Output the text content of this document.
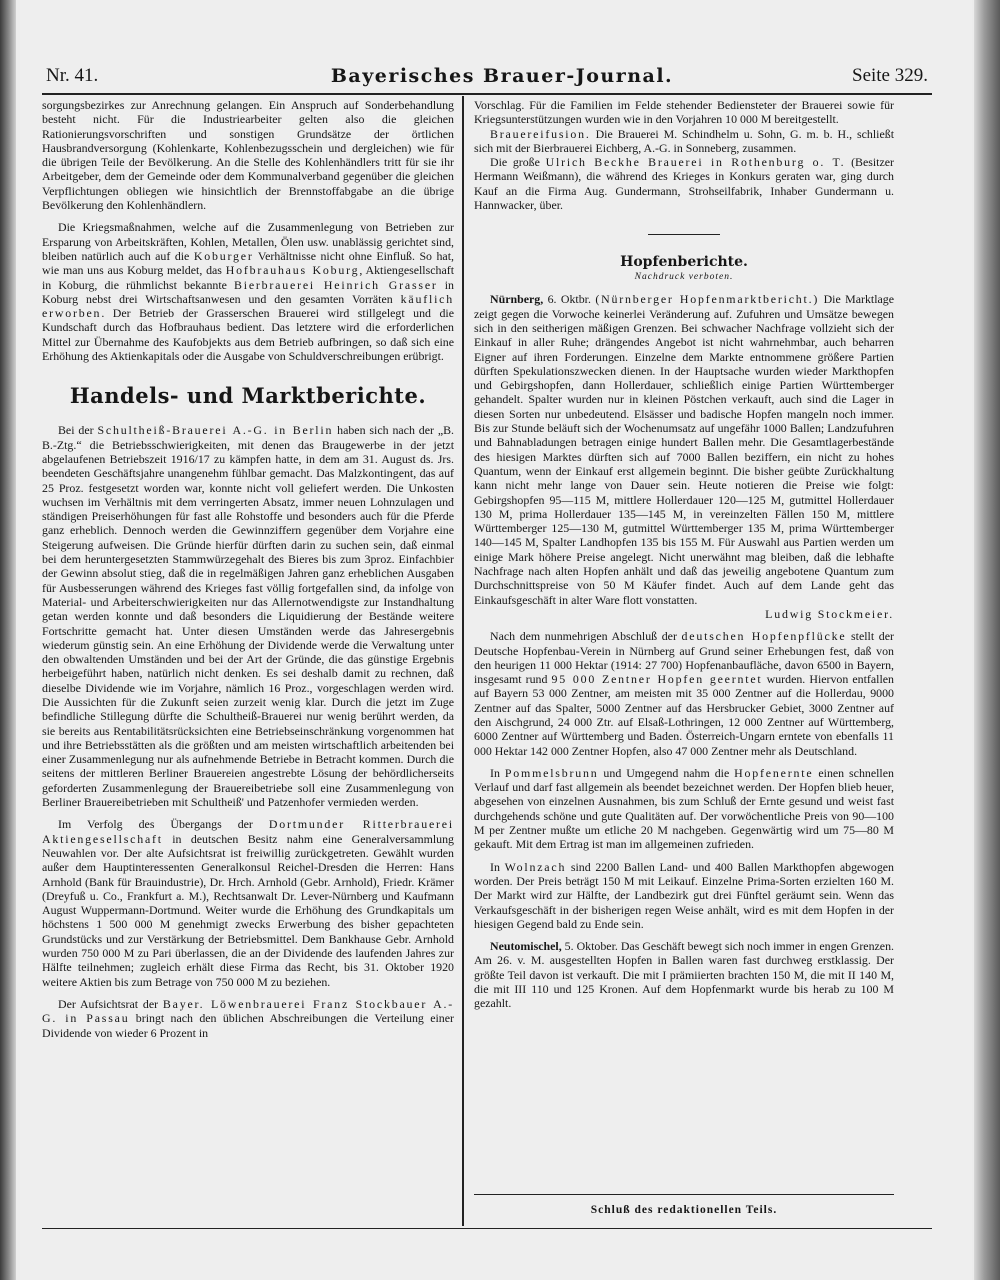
Nr. 41.	Bayerisches Brauer-Journal.	Seite 329.

sorgungsbezirkes zur Anrechnung gelangen. Ein Anspruch auf Sonderbehandlung besteht nicht. Für die Industriearbeiter gelten also die gleichen Rationierungsvorschriften und sonstigen Grundsätze der örtlichen Hausbrandversorgung (Kohlenkarte, Kohlenbezugsschein und dergleichen) wie für die übrigen Teile der Bevölkerung. An die Stelle des Kohlenhändlers tritt für sie ihr Arbeitgeber, dem der Gemeinde oder dem Kommunalverband gegenüber die gleichen Verpflichtungen obliegen wie hinsichtlich der Brennstoffabgabe an die übrige Bevölkerung den Kohlenhändlern.

Die Kriegsmaßnahmen, welche auf die Zusammenlegung von Betrieben zur Ersparung von Arbeitskräften, Kohlen, Metallen, Ölen usw. unablässig gerichtet sind, bleiben natürlich auch auf die Koburger Verhältnisse nicht ohne Einfluß. So hat, wie man uns aus Koburg meldet, das Hofbrauhaus Koburg, Aktiengesellschaft in Koburg, die rühmlichst bekannte Bierbrauerei Heinrich Grasser in Koburg nebst drei Wirtschaftsanwesen und den gesamten Vorräten käuflich erworben. Der Betrieb der Grasserschen Brauerei wird stillgelegt und die Kundschaft durch das Hofbrauhaus bedient. Das letztere wird die erforderlichen Mittel zur Übernahme des Kaufobjekts aus dem Betrieb aufbringen, so daß sich eine Erhöhung des Aktienkapitals oder die Ausgabe von Schuldverschreibungen erübrigt.

Handels- und Marktberichte.

Bei der Schultheiß-Brauerei A.-G. in Berlin haben sich nach der „B. B.-Ztg.“ die Betriebsschwierigkeiten, mit denen das Braugewerbe in der jetzt abgelaufenen Betriebszeit 1916/17 zu kämpfen hatte, in dem am 31. August ds. Jrs. beendeten Geschäftsjahre unangenehm fühlbar gemacht. Das Malzkontingent, das auf 25 Proz. festgesetzt worden war, konnte nicht voll geliefert werden. Die Unkosten wuchsen im Verhältnis mit dem verringerten Absatz, immer neuen Lohnzulagen und ständigen Preiserhöhungen für fast alle Rohstoffe und besonders auch für die Pferde ganz erheblich. Dennoch werden die Gewinnziffern gegenüber dem Vorjahre eine Steigerung aufweisen. Die Gründe hierfür dürften darin zu suchen sein, daß einmal bei dem heruntergesetzten Stammwürzegehalt des Bieres bis zum 3proz. Einfachbier der Gewinn absolut stieg, daß die in regelmäßigen Jahren ganz erheblichen Ausgaben für Ausbesserungen während des Krieges fast völlig fortgefallen sind, da infolge von Material- und Arbeiterschwierigkeiten nur das Allernotwendigste zur Instandhaltung getan werden konnte und daß besonders die Liquidierung der Bestände weitere Fortschritte gemacht hat. Unter diesen Umständen werde das Jahresergebnis wiederum günstig sein. An eine Erhöhung der Dividende werde die Verwaltung unter den obwaltenden Umständen und bei der Art der Gründe, die das günstige Ergebnis herbeigeführt haben, natürlich nicht denken. Es sei deshalb damit zu rechnen, daß dieselbe Dividende wie im Vorjahre, nämlich 16 Proz., vorgeschlagen werden wird. Die Aussichten für die Zukunft seien zurzeit wenig klar. Durch die jetzt im Zuge befindliche Stillegung dürfte die Schultheiß-Brauerei nur wenig berührt werden, da sie bereits aus Rentabilitätsrücksichten eine Betriebseinschränkung vorgenommen hat und ihre Betriebsstätten als die größten und am meisten wirtschaftlich arbeitenden bei einer Zusammenlegung nur als aufnehmende Betriebe in Betracht kommen. Durch die seitens der mittleren Berliner Brauereien angestrebte Lösung der behördlicherseits geforderten Zusammenlegung der Brauereibetriebe soll eine Zusammenlegung von Berliner Brauereibetrieben mit Schultheiß' und Patzenhofer vermieden werden.

Im Verfolg des Übergangs der Dortmunder Ritterbrauerei Aktiengesellschaft in deutschen Besitz nahm eine Generalversammlung Neuwahlen vor. Der alte Aufsichtsrat ist freiwillig zurückgetreten. Gewählt wurden außer dem Hauptinteressenten Generalkonsul Reichel-Dresden die Herren: Hans Arnhold (Bank für Brauindustrie), Dr. Hrch. Arnhold (Gebr. Arnhold), Friedr. Krämer (Dreyfuß u. Co., Frankfurt a. M.), Rechtsanwalt Dr. Lever-Nürnberg und Kaufmann August Wuppermann-Dortmund. Weiter wurde die Erhöhung des Grundkapitals um höchstens 1 500 000 M genehmigt zwecks Erwerbung des bisher gepachteten Grundstücks und zur Verstärkung der Betriebsmittel. Dem Bankhause Gebr. Arnhold wurden 750 000 M zu Pari überlassen, die an der Dividende des laufenden Jahres zur Hälfte teilnehmen; zugleich erhält diese Firma das Recht, bis 31. Oktober 1920 weitere Aktien bis zum Betrage von 750 000 M zu beziehen.

Der Aufsichtsrat der Bayer. Löwenbrauerei Franz Stockbauer A.-G. in Passau bringt nach den üblichen Abschreibungen die Verteilung einer Dividende von wieder 6 Prozent in

Vorschlag. Für die Familien im Felde stehender Bediensteter der Brauerei sowie für Kriegsunterstützungen wurden wie in den Vorjahren 10 000 M bereitgestellt.

Brauereifusion. Die Brauerei M. Schindhelm u. Sohn, G. m. b. H., schließt sich mit der Bierbrauerei Eichberg, A.-G. in Sonneberg, zusammen.

Die große Ulrich Beckhe Brauerei in Rothenburg o. T. (Besitzer Hermann Weißmann), die während des Krieges in Konkurs geraten war, ging durch Kauf an die Firma Aug. Gundermann, Strohseilfabrik, Inhaber Gundermann u. Hannwacker, über.

Hopfenberichte.
Nachdruck verboten.

Nürnberg, 6. Oktbr. (Nürnberger Hopfenmarktbericht.) Die Marktlage zeigt gegen die Vorwoche keinerlei Veränderung auf. Zufuhren und Umsätze bewegen sich in den seitherigen mäßigen Grenzen. Bei schwacher Nachfrage vollzieht sich der Einkauf in aller Ruhe; drängendes Angebot ist nicht wahrnehmbar, auch beharren Eigner auf ihren Forderungen. Einzelne dem Markte entnommene größere Partien dürften Spekulationszwecken dienen. In der Hauptsache wurden wieder Markthopfen und Gebirgshopfen, dann Hollerdauer, schließlich einige Partien Württemberger gehandelt. Spalter wurden nur in kleinen Pöstchen verkauft, auch sind die Lager in diesen Sorten nur unbedeutend. Elsässer und badische Hopfen mangeln noch immer. Bis zur Stunde beläuft sich der Wochenumsatz auf ungefähr 1000 Ballen; Landzufuhren und Bahnabladungen betragen einige hundert Ballen mehr. Die Gesamtlagerbestände des hiesigen Marktes dürften sich auf 7000 Ballen beziffern, ein nicht zu hohes Quantum, wenn der Einkauf erst allgemein beginnt. Die bisher geübte Zurückhaltung kann nicht mehr lange von Dauer sein. Heute notieren die Preise wie folgt: Gebirgshopfen 95—115 M, mittlere Hollerdauer 120—125 M, gutmittel Hollerdauer 130 M, prima Hollerdauer 135—145 M, in vereinzelten Fällen 150 M, mittlere Württemberger 125—130 M, gutmittel Württemberger 135 M, prima Württemberger 140—145 M, Spalter Landhopfen 135 bis 155 M. Für Auswahl aus Partien werden um einige Mark höhere Preise angelegt. Nicht unerwähnt mag bleiben, daß die lebhafte Nachfrage nach alten Hopfen anhält und daß das jeweilig angebotene Quantum zum Durchschnittspreise von 50 M Käufer findet. Auch auf dem Lande geht das Einkaufsgeschäft in alter Ware flott vonstatten.

Ludwig Stockmeier.

Nach dem nunmehrigen Abschluß der deutschen Hopfenpflücke stellt der Deutsche Hopfenbau-Verein in Nürnberg auf Grund seiner Erhebungen fest, daß von den heurigen 11 000 Hektar (1914: 27 700) Hopfenanbaufläche, davon 6500 in Bayern, insgesamt rund 95 000 Zentner Hopfen geerntet wurden. Hiervon entfallen auf Bayern 53 000 Zentner, am meisten mit 35 000 Zentner auf die Hollerdau, 9000 Zentner auf das Spalter, 5000 Zentner auf das Hersbrucker Gebiet, 3000 Zentner auf den Aischgrund, 24 000 Ztr. auf Elsaß-Lothringen, 12 000 Zentner auf Württemberg, 6000 Zentner auf Württemberg und Baden. Österreich-Ungarn erntete von ebenfalls 11 000 Hektar 142 000 Zentner Hopfen, also 47 000 Zentner mehr als Deutschland.

In Pommelsbrunn und Umgegend nahm die Hopfenernte einen schnellen Verlauf und darf fast allgemein als beendet bezeichnet werden. Der Hopfen blieb heuer, abgesehen von einzelnen Ausnahmen, bis zum Schluß der Ernte gesund und weist fast durchgehends schöne und gute Qualitäten auf. Der vorwöchentliche Preis von 90—100 M per Zentner mußte um etliche 20 M nachgeben. Gegenwärtig wird um 75—80 M gekauft. Mit dem Ertrag ist man im allgemeinen zufrieden.

In Wolnzach sind 2200 Ballen Land- und 400 Ballen Markthopfen abgewogen worden. Der Preis beträgt 150 M mit Leikauf. Einzelne Prima-Sorten erzielten 160 M. Der Markt wird zur Hälfte, der Landbezirk gut drei Fünftel geräumt sein. Wenn das Verkaufsgeschäft in der bisherigen regen Weise anhält, wird es mit dem Hopfen in der hiesigen Gegend bald zu Ende sein.

Neutomischel, 5. Oktober. Das Geschäft bewegt sich noch immer in engen Grenzen. Am 26. v. M. ausgestellten Hopfen in Ballen waren fast durchweg erstklassig. Der größte Teil davon ist verkauft. Die mit I prämiierten brachten 150 M, die mit II 140 M, die mit III 110 und 125 Kronen. Auf dem Hopfenmarkt wurde bis herab zu 100 M gezahlt.

Schluß des redaktionellen Teils.
